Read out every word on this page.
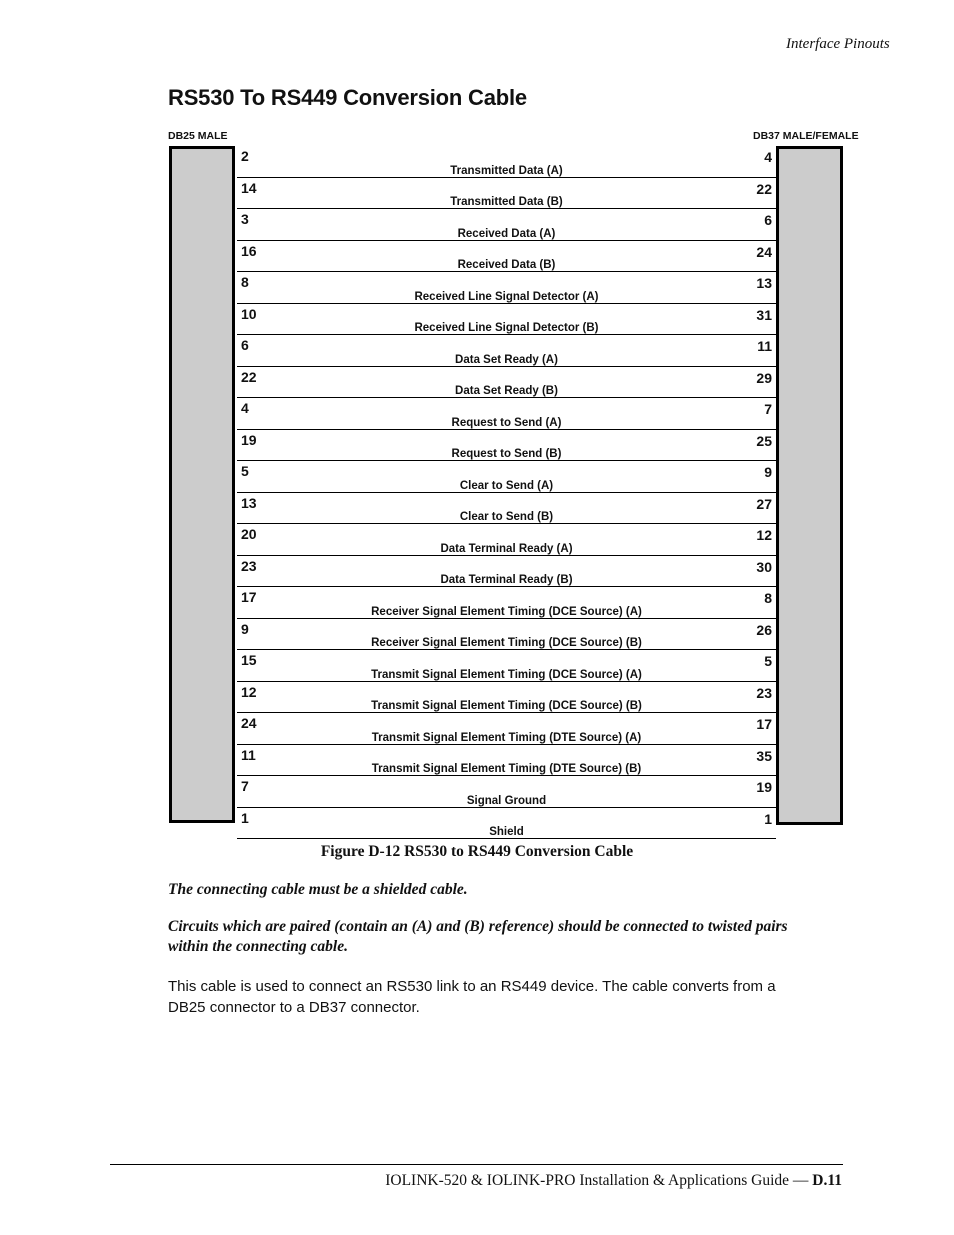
Interface Pinouts
RS530 To RS449 Conversion Cable
DB25 MALE	DB37 MALE/FEMALE
2
Transmitted Data (A)
4
14
Transmitted Data (B)
22
3
Received Data (A)
6
16
Received Data (B)
24
8
Received Line Signal Detector (A)
13
10
Received Line Signal Detector (B)
31
6
Data Set Ready (A)
11
22
Data Set Ready (B)
29
4
Request to Send (A)
7
19
Request to Send (B)
25
5
Clear to Send (A)
9
13
Clear to Send (B)
27
20
Data Terminal Ready (A)
12
23
Data Terminal Ready (B)
30
17
Receiver Signal Element Timing (DCE Source) (A)
8
9
Receiver Signal Element Timing (DCE Source) (B)
26
15
Transmit Signal Element Timing (DCE Source) (A)
5
12
Transmit Signal Element Timing (DCE Source) (B)
23
24
Transmit Signal Element Timing (DTE Source) (A)
17
11
Transmit Signal Element Timing (DTE Source) (B)
35
7
Signal Ground
19
1
Shield
1
Figure D-12 RS530 to RS449 Conversion Cable
The connecting cable must be a shielded cable.
Circuits which are paired (contain an (A) and (B) reference) should be connected to twisted pairs within the connecting cable.
This cable is used to connect an RS530 link to an RS449 device. The cable converts from a DB25 connector to a DB37 connector.
IOLINK-520 & IOLINK-PRO Installation & Applications Guide — D.11
